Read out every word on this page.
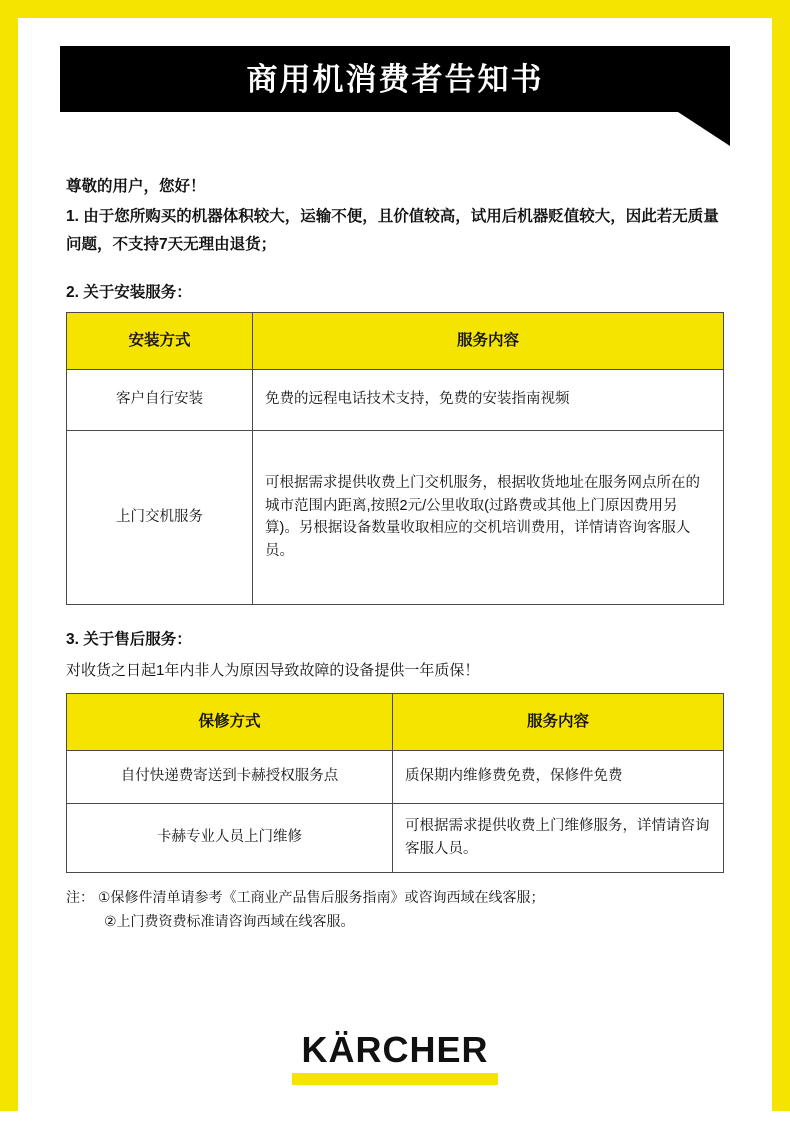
商用机消费者告知书
尊敬的用户，您好！
1. 由于您所购买的机器体积较大，运输不便，且价值较高，试用后机器贬值较大，因此若无质量问题，不支持7天无理由退货；
2. 关于安装服务：
安装方式	服务内容
客户自行安装	免费的远程电话技术支持，免费的安装指南视频
上门交机服务	可根据需求提供收费上门交机服务，根据收货地址在服务网点所在的城市范围内距离,按照2元/公里收取(过路费或其他上门原因费用另算)。另根据设备数量收取相应的交机培训费用，详情请咨询客服人员。
3. 关于售后服务：
对收货之日起1年内非人为原因导致故障的设备提供一年质保！
保修方式	服务内容
自付快递费寄送到卡赫授权服务点	质保期内维修费免费，保修件免费
卡赫专业人员上门维修	可根据需求提供收费上门维修服务，详情请咨询客服人员。
注： ①保修件清单请参考《工商业产品售后服务指南》或咨询西域在线客服；
②上门费资费标准请咨询西域在线客服。
KÄRCHER
